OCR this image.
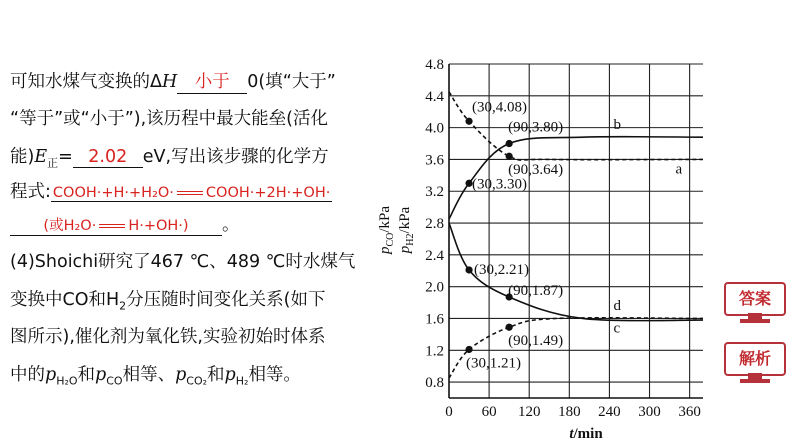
可知水煤气变换的ΔH 小于 0(填“大于”
“等于”或“小于”),该历程中最大能垒(活化
能)$E_正= 2.02$ eV,写出该步骤的化学方
程式: COOH·+H·+H₂O· COOH·+2H·+OH·
(或H₂O· H·+OH·) 。
(4)Shoichi研究了467 ℃、489 ℃时水煤气
变换中CO和$H_2$分压随时间变化关系(如下
图所示),催化剂为氧化铁,实验初始时体系
中的$p_{H_2O}$和$p_{CO}$相等、$p_{CO_2}$和$p_{H_2}$相等。	0.8
1.2
1.6
2.0
2.4
2.8
3.2
3.6
4.0
4.4
4.8
0 60 120 180 240 300 360
t/min
$p_{CO}$/kPa
$p_{H2}$/kPa
a
b
c
d
(30,4.08)
(90,3.80)
(90,3.64)
(30,3.30)
(30,2.21)
(90,1.87)
(90,1.49)
(30,1.21)
答案
解析
